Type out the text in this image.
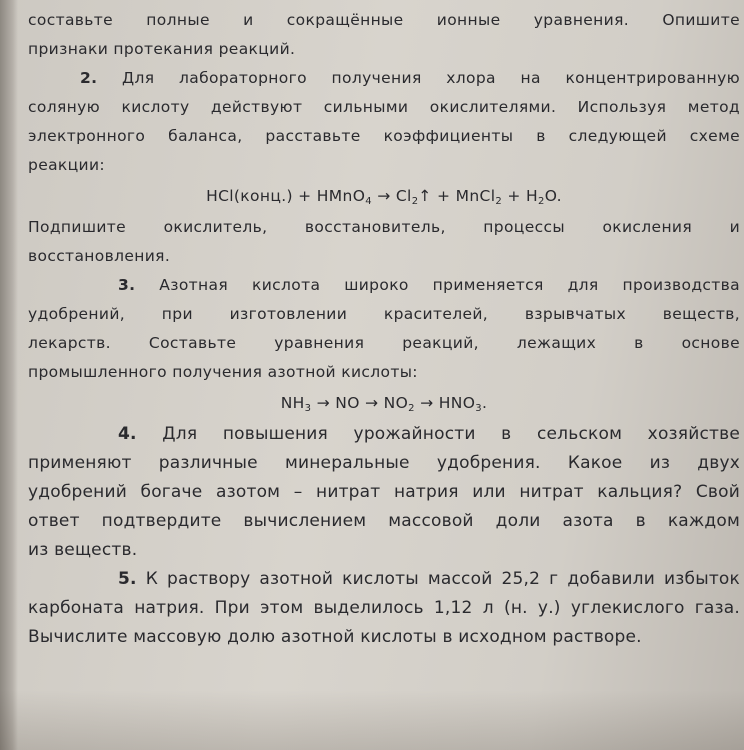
составьте полные и сокращённые ионные уравнения. Опишите
признаки протекания реакций.
2. Для лабораторного получения хлора на концентрированную
соляную кислоту действуют сильными окислителями. Используя метод
электронного баланса, расставьте коэффициенты в следующей схеме
реакции:
HCl(конц.) + HMnO$_4$ → $Cl_2↑$ + MnCl$_2$ + $H_2O$.
Подпишите окислитель, восстановитель, процессы окисления и
восстановления.
3. Азотная кислота широко применяется для производства
удобрений, при изготовлении красителей, взрывчатых веществ,
лекарств. Составьте уравнения реакций, лежащих в основе
промышленного получения азотной кислоты:
$NH_3$ → NO → $NO_2 \to HNO_3$.
4. Для повышения урожайности в сельском хозяйстве
применяют различные минеральные удобрения. Какое из двух
удобрений богаче азотом – нитрат натрия или нитрат кальция? Свой
ответ подтвердите вычислением массовой доли азота в каждом
из веществ.
5. К раствору азотной кислоты массой 25,2 г добавили избыток
карбоната натрия. При этом выделилось 1,12 л (н. у.) углекислого газа.
Вычислите массовую долю азотной кислоты в исходном растворе.
